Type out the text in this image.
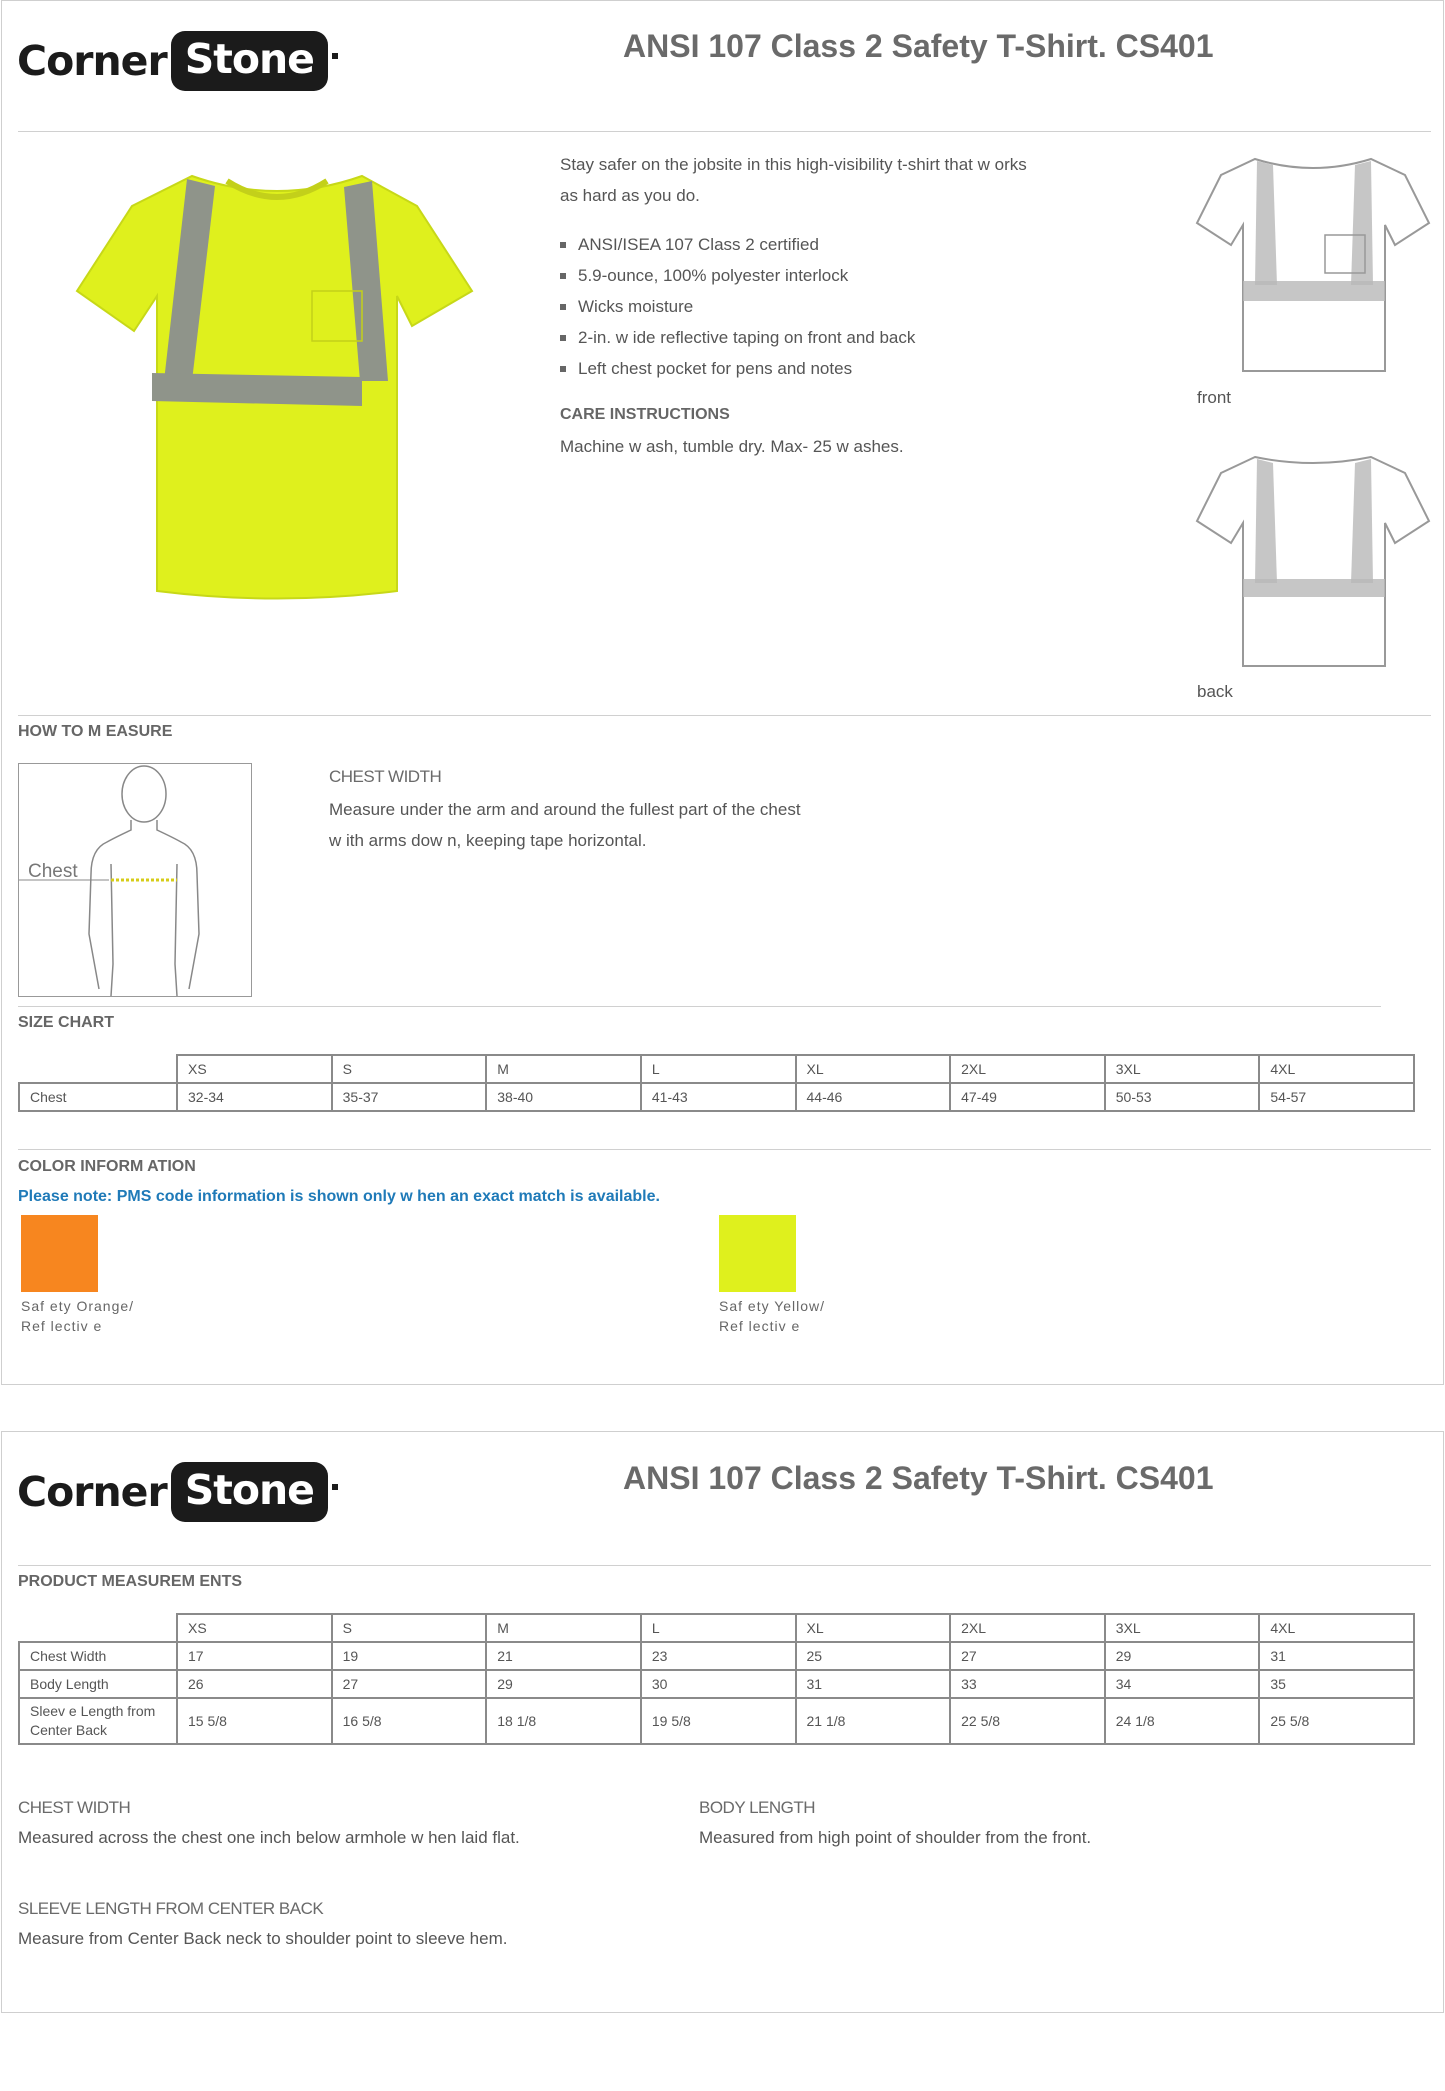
Corner Stone	ANSI 107 Class 2 Safety T-Shirt. CS401
Stay safer on the jobsite in this high-visibility t-shirt that w orks
as hard as you do.
ANSI/ISEA 107 Class 2 certified
5.9-ounce, 100% polyester interlock
Wicks moisture
2-in. w ide reflective taping on front and back
Left chest pocket for pens and notes
CARE INSTRUCTIONS
Machine w ash, tumble dry. Max- 25 w ashes.
front
back
HOW TO M EASURE
Chest
CHEST WIDTH
Measure under the arm and around the fullest part of the chest
w ith arms dow n, keeping tape horizontal.
SIZE CHART
	XS	S	M	L	XL	2XL	3XL	4XL
Chest	32-34	35-37	38-40	41-43	44-46	47-49	50-53	54-57
COLOR INFORM ATION
Please note: PMS code information is shown only w hen an exact match is available.
Saf ety Orange/
Ref lectiv e
Saf ety Yellow/
Ref lectiv e
Corner Stone	ANSI 107 Class 2 Safety T-Shirt. CS401
PRODUCT MEASUREM ENTS
	XS	S	M	L	XL	2XL	3XL	4XL
Chest Width	17	19	21	23	25	27	29	31
Body Length	26	27	29	30	31	33	34	35
Sleev e Length from Center Back	15 5/8	16 5/8	18 1/8	19 5/8	21 1/8	22 5/8	24 1/8	25 5/8
CHEST WIDTH
Measured across the chest one inch below armhole w hen laid flat.
BODY LENGTH
Measured from high point of shoulder from the front.
SLEEVE LENGTH FROM CENTER BACK
Measure from Center Back neck to shoulder point to sleeve hem.
